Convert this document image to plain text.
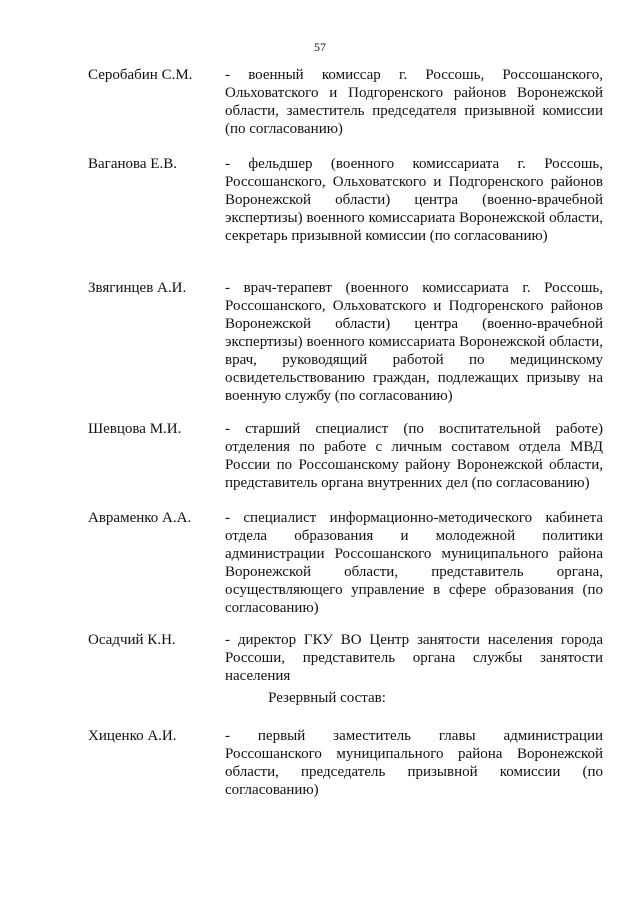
57
Серобабин С.М. - военный комиссар г. Россошь, Россошанского, Ольховатского и Подгоренского районов Воронежской области, заместитель председателя призывной комиссии (по согласованию)
Ваганова Е.В.	- фельдшер (военного комиссариата г. Россошь, Россошанского, Ольховатского и Подгоренского районов Воронежской области) центра (военно-врачебной экспертизы) военного комиссариата Воронежской области, секретарь призывной комиссии (по согласованию)
Звягинцев А.И.	- врач-терапевт (военного комиссариата г. Россошь, Россошанского, Ольховатского и Подгоренского районов Воронежской области) центра (военно-врачебной экспертизы) военного комиссариата Воронежской области, врач, руководящий работой по медицинскому освидетельствованию граждан, подлежащих призыву на военную службу (по согласованию)
Шевцова М.И.	- старший специалист (по воспитательной работе) отделения по работе с личным составом отдела МВД России по Россошанскому району Воронежской области, представитель органа внутренних дел (по согласованию)
Авраменко А.А. - специалист информационно-методического кабинета отдела образования и молодежной политики администрации Россошанского муниципального района Воронежской области, представитель органа, осуществляющего управление в сфере образования (по согласованию)
Осадчий К.Н.	- директор ГКУ ВО Центр занятости населения города Россоши, представитель органа службы занятости населения
Резервный состав:
Хиценко А.И.	- первый заместитель главы администрации Россошанского муниципального района Воронежской области, председатель призывной комиссии (по согласованию)
